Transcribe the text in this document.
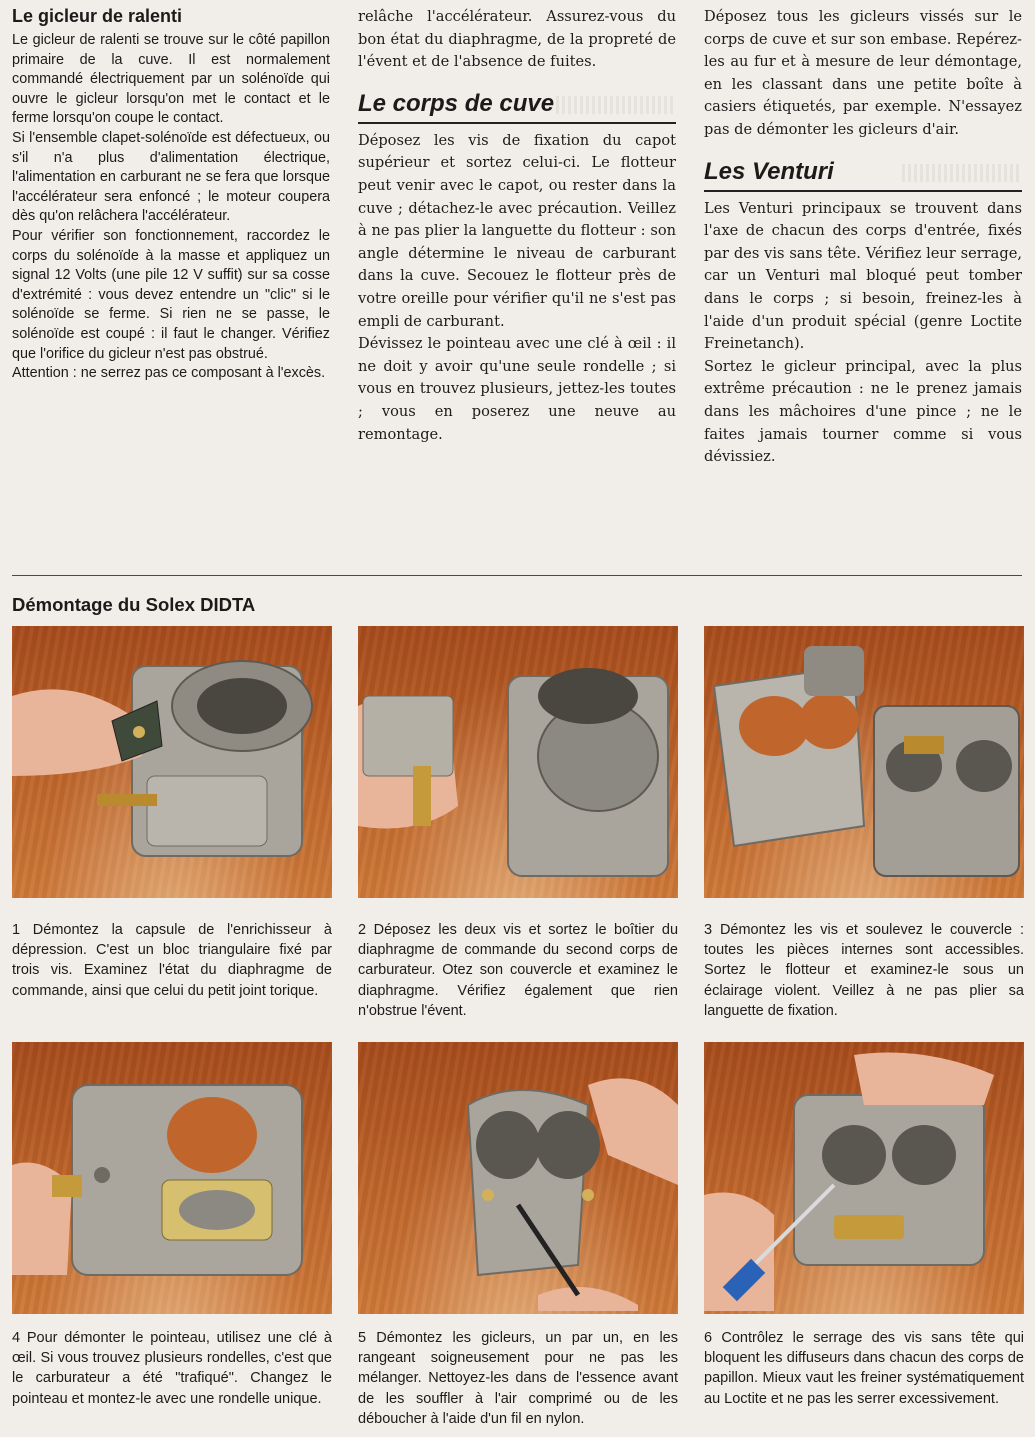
Le gicleur de ralenti

Le gicleur de ralenti se trouve sur le côté papillon primaire de la cuve. Il est normalement commandé électriquement par un solénoïde qui ouvre le gicleur lorsqu'on met le contact et le ferme lorsqu'on coupe le contact.

Si l'ensemble clapet-solénoïde est défectueux, ou s'il n'a plus d'alimentation électrique, l'alimentation en carburant ne se fera que lorsque l'accélérateur sera enfoncé ; le moteur coupera dès qu'on relâchera l'accélérateur.

Pour vérifier son fonctionnement, raccordez le corps du solénoïde à la masse et appliquez un signal 12 Volts (une pile 12 V suffit) sur sa cosse d'extrémité : vous devez entendre un "clic" si le solénoïde se ferme. Si rien ne se passe, le solénoïde est coupé : il faut le changer. Vérifiez que l'orifice du gicleur n'est pas obstrué.

Attention : ne serrez pas ce composant à l'excès.

relâche l'accélérateur. Assurez-vous du bon état du diaphragme, de la propreté de l'évent et de l'absence de fuites.

Le corps de cuve

Déposez les vis de fixation du capot supérieur et sortez celui-ci. Le flotteur peut venir avec le capot, ou rester dans la cuve ; détachez-le avec précaution. Veillez à ne pas plier la languette du flotteur : son angle détermine le niveau de carburant dans la cuve. Secouez le flotteur près de votre oreille pour vérifier qu'il ne s'est pas empli de carburant.

Dévissez le pointeau avec une clé à œil : il ne doit y avoir qu'une seule rondelle ; si vous en trouvez plusieurs, jettez-les toutes ; vous en poserez une neuve au remontage.

Déposez tous les gicleurs vissés sur le corps de cuve et sur son embase. Repérez-les au fur et à mesure de leur démontage, en les classant dans une petite boîte à casiers étiquetés, par exemple. N'essayez pas de démonter les gicleurs d'air.

Les Venturi

Les Venturi principaux se trouvent dans l'axe de chacun des corps d'entrée, fixés par des vis sans tête. Vérifiez leur serrage, car un Venturi mal bloqué peut tomber dans le corps ; si besoin, freinez-les à l'aide d'un produit spécial (genre Loctite Freinetanch).

Sortez le gicleur principal, avec la plus extrême précaution : ne le prenez jamais dans les mâchoires d'une pince ; ne le faites jamais tourner comme si vous dévissiez.

Démontage du Solex DIDTA

1 Démontez la capsule de l'enrichisseur à dépression. C'est un bloc triangulaire fixé par trois vis. Examinez l'état du diaphragme de commande, ainsi que celui du petit joint torique.

2 Déposez les deux vis et sortez le boîtier du diaphragme de commande du second corps de carburateur. Otez son couvercle et examinez le diaphragme. Vérifiez également que rien n'obstrue l'évent.

3 Démontez les vis et soulevez le couvercle : toutes les pièces internes sont accessibles. Sortez le flotteur et examinez-le sous un éclairage violent. Veillez à ne pas plier sa languette de fixation.

4 Pour démonter le pointeau, utilisez une clé à œil. Si vous trouvez plusieurs rondelles, c'est que le carburateur a été "trafiqué". Changez le pointeau et montez-le avec une rondelle unique.

5 Démontez les gicleurs, un par un, en les rangeant soigneusement pour ne pas les mélanger. Nettoyez-les dans de l'essence avant de les souffler à l'air comprimé ou de les déboucher à l'aide d'un fil en nylon.

6 Contrôlez le serrage des vis sans tête qui bloquent les diffuseurs dans chacun des corps de papillon. Mieux vaut les freiner systématiquement au Loctite et ne pas les serrer excessivement.
